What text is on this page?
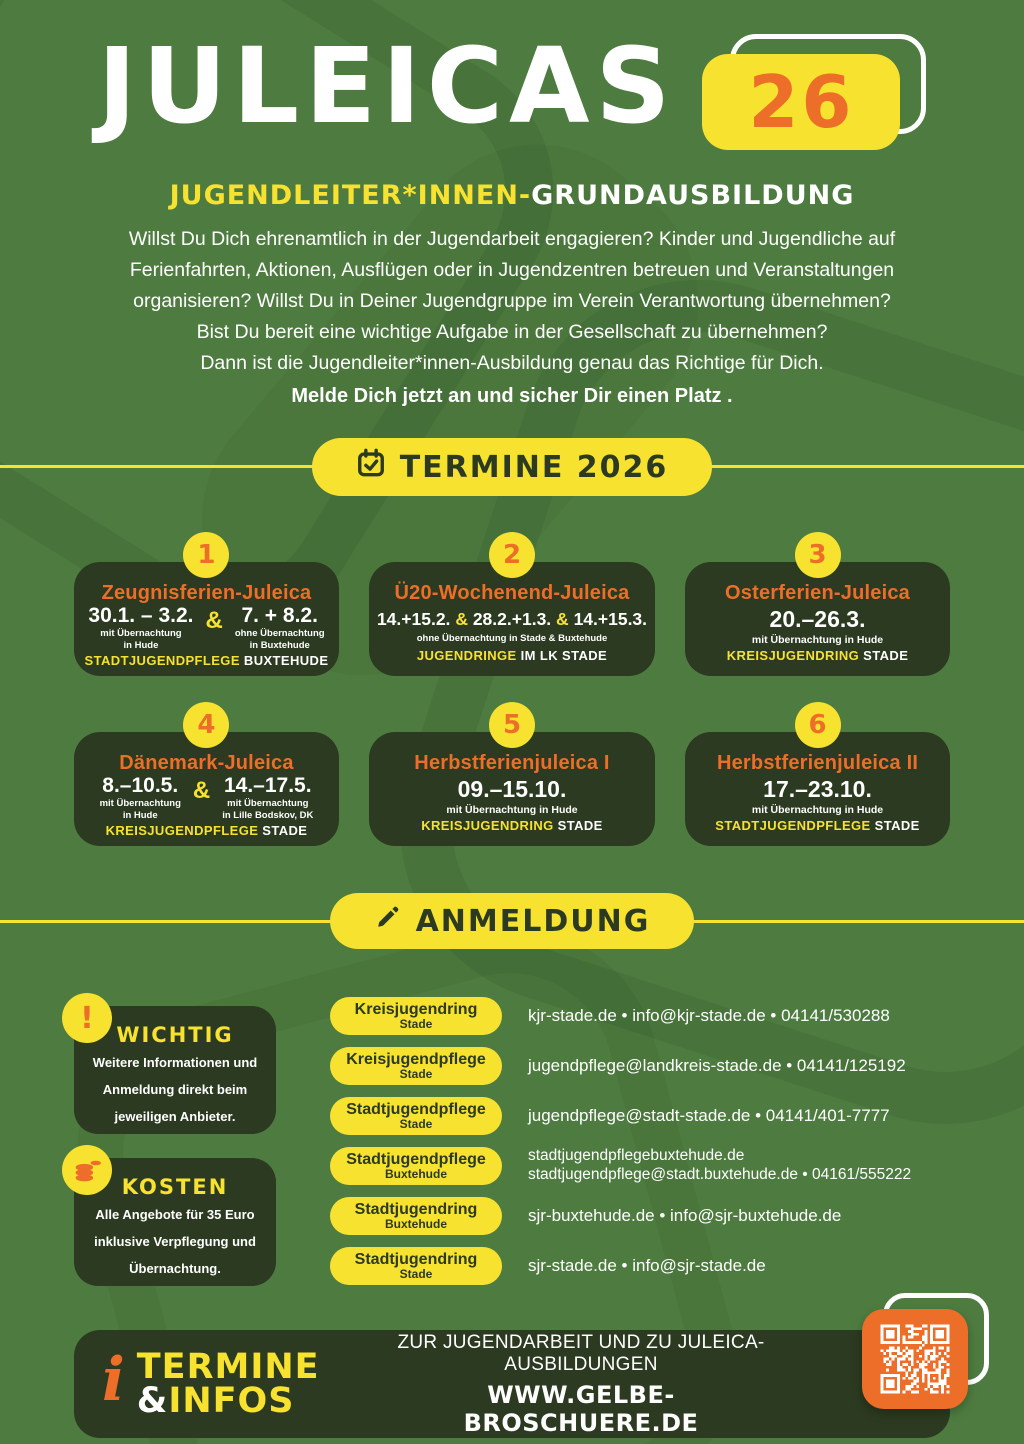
JULEICAS 26
JUGENDLEITER*INNEN-GRUNDAUSBILDUNG
Willst Du Dich ehrenamtlich in der Jugendarbeit engagieren? Kinder und Jugendliche auf
Ferienfahrten, Aktionen, Ausflügen oder in Jugendzentren betreuen und Veranstaltungen
organisieren? Willst Du in Deiner Jugendgruppe im Verein Verantwortung übernehmen?
Bist Du bereit eine wichtige Aufgabe in der Gesellschaft zu übernehmen?
Dann ist die Jugendleiter*innen-Ausbildung genau das Richtige für Dich.
Melde Dich jetzt an und sicher Dir einen Platz .
TERMINE 2026
1
Zeugnisferien-Juleica
30.1. – 3.2.
mit Übernachtung
in Hude
& 7. + 8.2.
ohne Übernachtung
in Buxtehude
STADTJUGENDPFLEGE BUXTEHUDE
2
Ü20-Wochenend-Juleica
14.+15.2. & 28.2.+1.3. & 14.+15.3.
ohne Übernachtung in Stade & Buxtehude
JUGENDRINGE IM LK STADE
3
Osterferien-Juleica
20.–26.3.
mit Übernachtung in Hude
KREISJUGENDRING STADE
4
Dänemark-Juleica
8.–10.5.
mit Übernachtung
in Hude
& 14.–17.5.
mit Übernachtung
in Lille Bodskov, DK
KREISJUGENDPFLEGE STADE
5
Herbstferienjuleica I
09.–15.10.
mit Übernachtung in Hude
KREISJUGENDRING STADE
6
Herbstferienjuleica II
17.–23.10.
mit Übernachtung in Hude
STADTJUGENDPFLEGE STADE
ANMELDUNG
!	WICHTIG
Weitere Informationen und Anmeldung direkt beim jeweiligen Anbieter.
KOSTEN
Alle Angebote für 35 Euro inklusive Verpflegung und Übernachtung.
Kreisjugendring
Stade	kjr-stade.de • info@kjr-stade.de • 04141/530288
Kreisjugendpflege
Stade	jugendpflege@landkreis-stade.de • 04141/125192
Stadtjugendpflege
Stade	jugendpflege@stadt-stade.de • 04141/401-7777
Stadtjugendpflege
Buxtehude
stadtjugendpflegebuxtehude.de
stadtjugendpflege@stadt.buxtehude.de • 04161/555222
Stadtjugendring
Buxtehude	sjr-buxtehude.de • info@sjr-buxtehude.de
Stadtjugendring
Stade	sjr-stade.de • info@sjr-stade.de
i TERMINE
&INFOS
ZUR JUGENDARBEIT UND ZU JULEICA-AUSBILDUNGEN
WWW.GELBE-BROSCHUERE.DE
